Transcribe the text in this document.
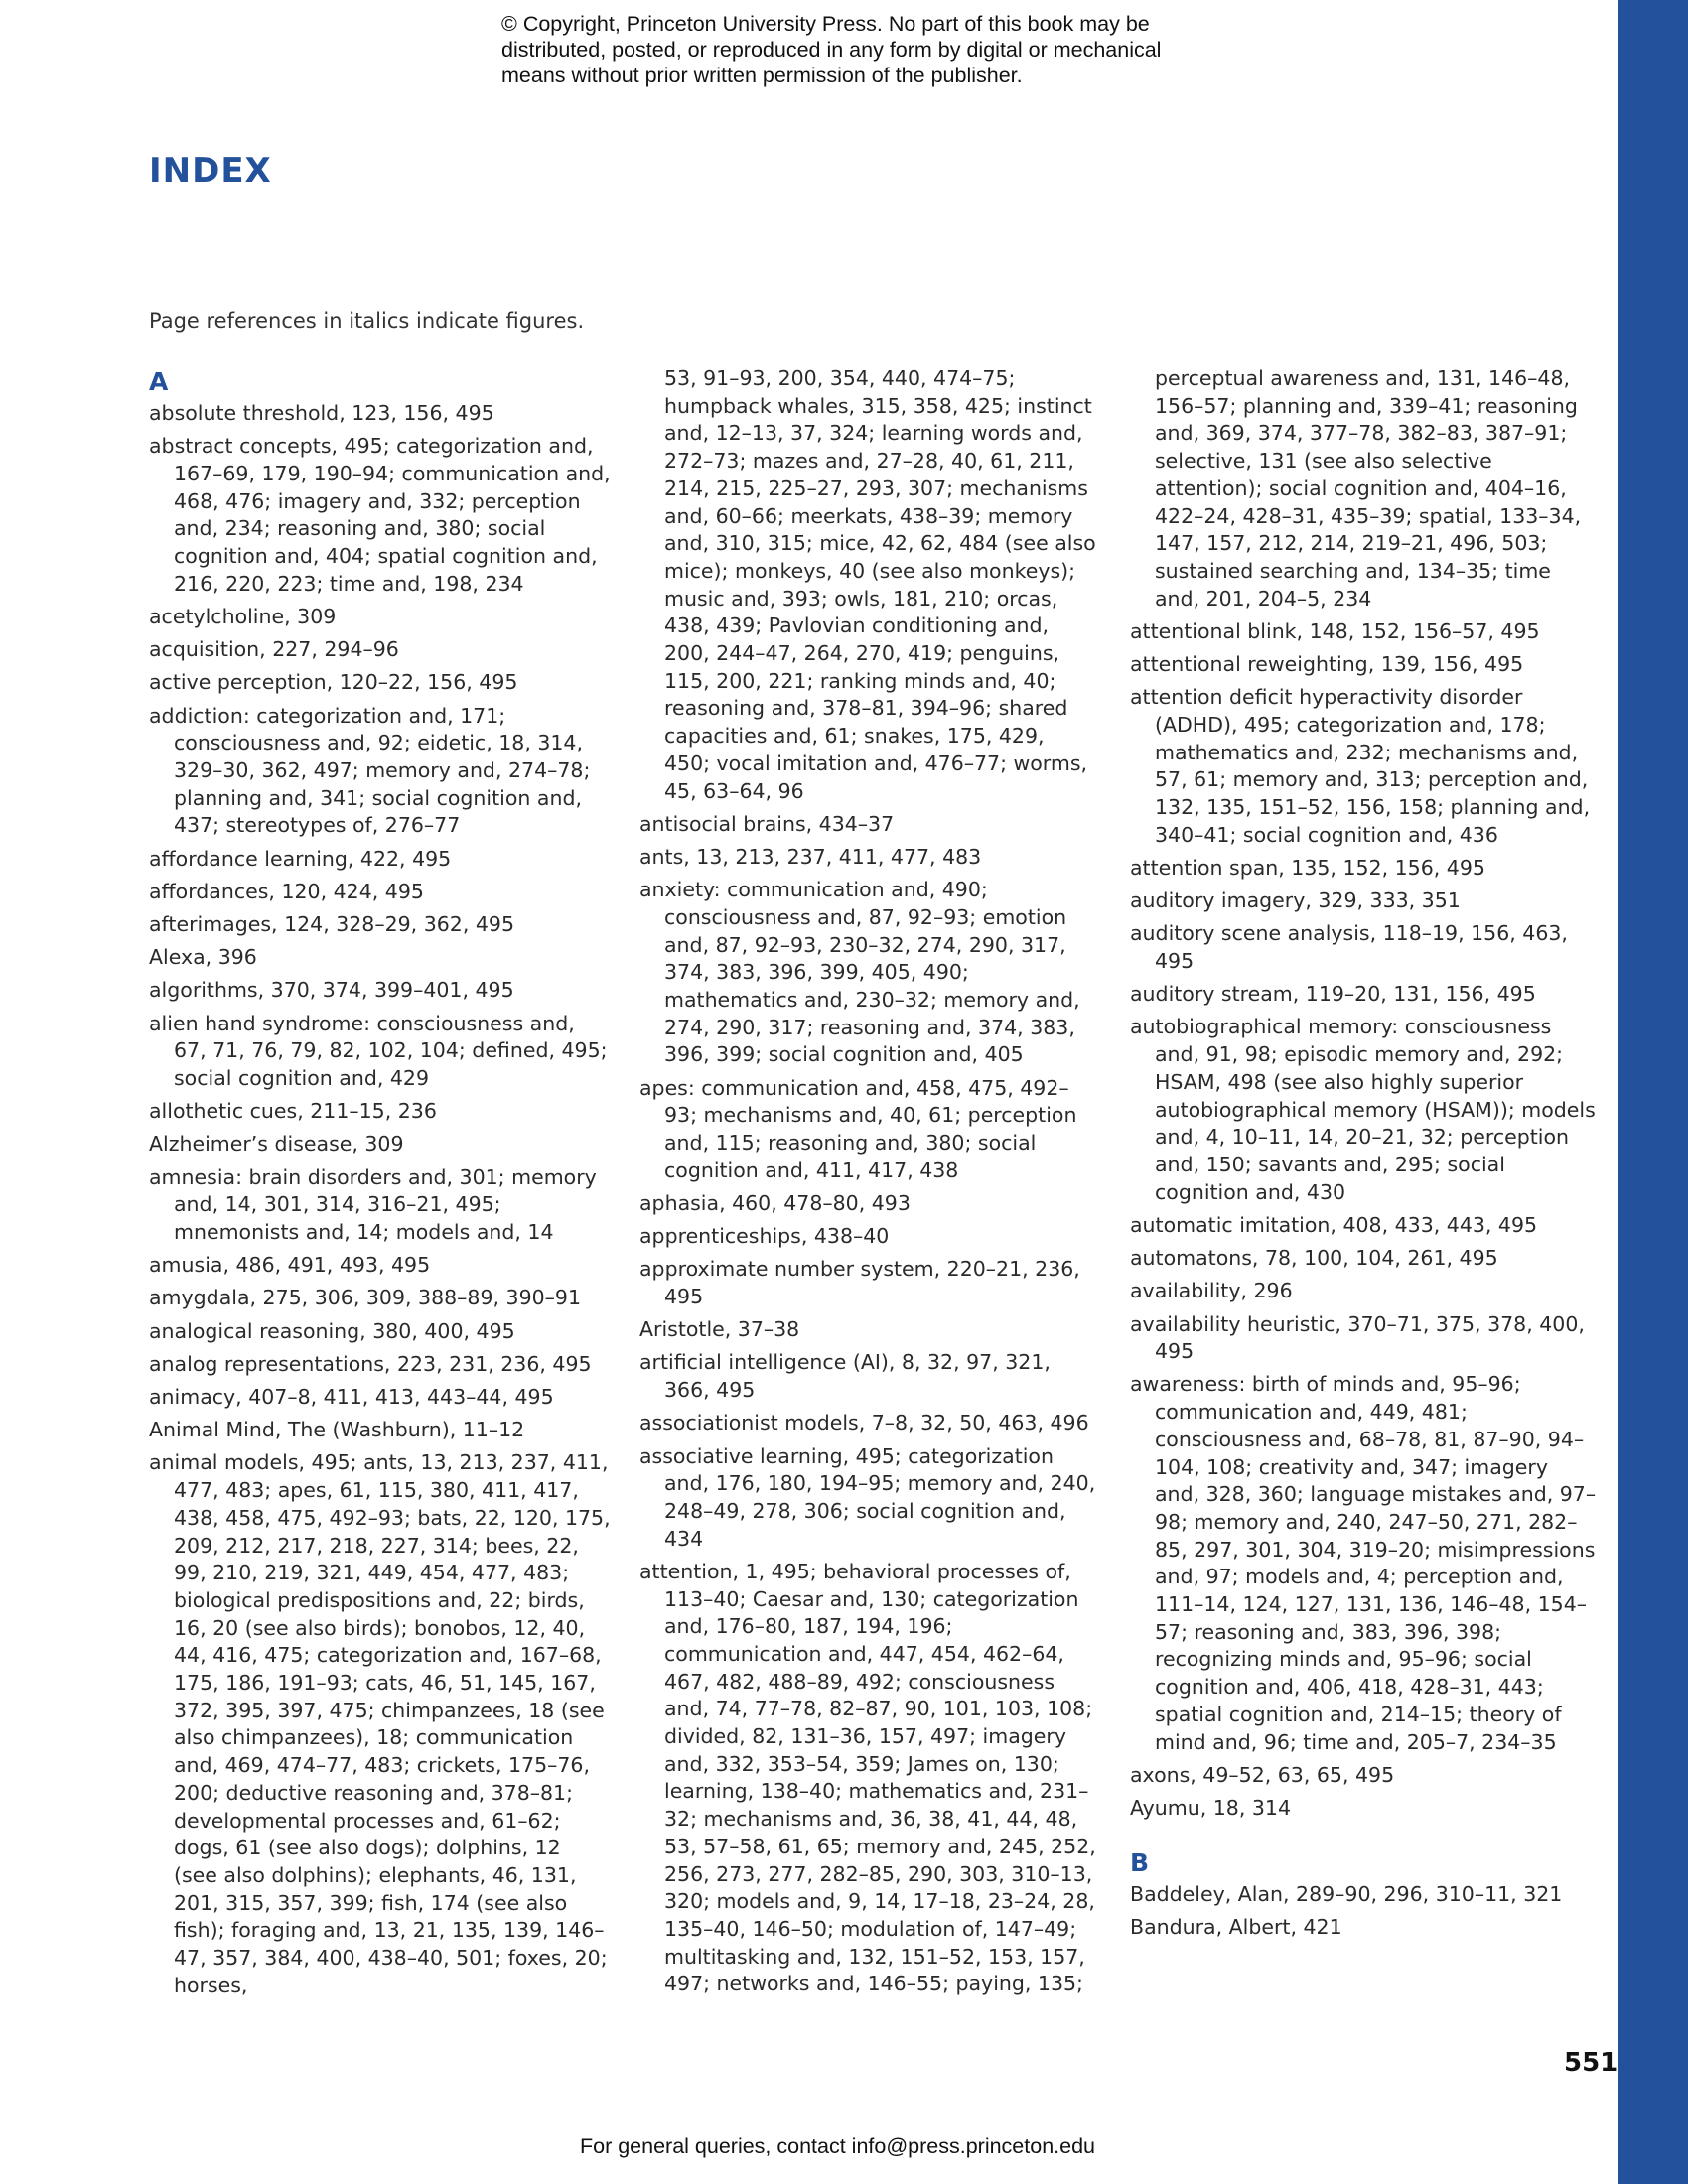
© Copyright, Princeton University Press. No part of this book may be
distributed, posted, or reproduced in any form by digital or mechanical
means without prior written permission of the publisher.
INDEX
Page references in italics indicate figures.
A
absolute threshold, 123, 156, 495
abstract concepts, 495; categorization and, 167–69, 179, 190–94; communication and, 468, 476; imagery and, 332; perception and, 234; reasoning and, 380; social cognition and, 404; spatial cognition and, 216, 220, 223; time and, 198, 234
acetylcholine, 309
acquisition, 227, 294–96
active perception, 120–22, 156, 495
addiction: categorization and, 171; consciousness and, 92; eidetic, 18, 314, 329–30, 362, 497; memory and, 274–78; planning and, 341; social cognition and, 437; stereotypes of, 276–77
affordance learning, 422, 495
affordances, 120, 424, 495
afterimages, 124, 328–29, 362, 495
Alexa, 396
algorithms, 370, 374, 399–401, 495
alien hand syndrome: consciousness and, 67, 71, 76, 79, 82, 102, 104; defined, 495; social cognition and, 429
allothetic cues, 211–15, 236
Alzheimer’s disease, 309
amnesia: brain disorders and, 301; memory and, 14, 301, 314, 316–21, 495; mnemonists and, 14; models and, 14
amusia, 486, 491, 493, 495
amygdala, 275, 306, 309, 388–89, 390–91
analogical reasoning, 380, 400, 495
analog representations, 223, 231, 236, 495
animacy, 407–8, 411, 413, 443–44, 495
Animal Mind, The (Washburn), 11–12
animal models, 495; ants, 13, 213, 237, 411, 477, 483; apes, 61, 115, 380, 411, 417, 438, 458, 475, 492–93; bats, 22, 120, 175, 209, 212, 217, 218, 227, 314; bees, 22, 99, 210, 219, 321, 449, 454, 477, 483; biological predispositions and, 22; birds, 16, 20 (see also birds); bonobos, 12, 40, 44, 416, 475; categorization and, 167–68, 175, 186, 191–93; cats, 46, 51, 145, 167, 372, 395, 397, 475; chimpanzees, 18 (see also chimpanzees), 18; communication and, 469, 474–77, 483; crickets, 175–76, 200; deductive reasoning and, 378–81; developmental processes and, 61–62; dogs, 61 (see also dogs); dolphins, 12 (see also dolphins); elephants, 46, 131, 201, 315, 357, 399; fish, 174 (see also fish); foraging and, 13, 21, 135, 139, 146–47, 357, 384, 400, 438–40, 501; foxes, 20; horses,
53, 91–93, 200, 354, 440, 474–75; humpback whales, 315, 358, 425; instinct and, 12–13, 37, 324; learning words and, 272–73; mazes and, 27–28, 40, 61, 211, 214, 215, 225–27, 293, 307; mechanisms and, 60–66; meerkats, 438–39; memory and, 310, 315; mice, 42, 62, 484 (see also mice); monkeys, 40 (see also monkeys); music and, 393; owls, 181, 210; orcas, 438, 439; Pavlovian conditioning and, 200, 244–47, 264, 270, 419; penguins, 115, 200, 221; ranking minds and, 40; reasoning and, 378–81, 394–96; shared capacities and, 61; snakes, 175, 429, 450; vocal imitation and, 476–77; worms, 45, 63–64, 96
antisocial brains, 434–37
ants, 13, 213, 237, 411, 477, 483
anxiety: communication and, 490; consciousness and, 87, 92–93; emotion and, 87, 92–93, 230–32, 274, 290, 317, 374, 383, 396, 399, 405, 490; mathematics and, 230–32; memory and, 274, 290, 317; reasoning and, 374, 383, 396, 399; social cognition and, 405
apes: communication and, 458, 475, 492–93; mechanisms and, 40, 61; perception and, 115; reasoning and, 380; social cognition and, 411, 417, 438
aphasia, 460, 478–80, 493
apprenticeships, 438–40
approximate number system, 220–21, 236, 495
Aristotle, 37–38
artificial intelligence (AI), 8, 32, 97, 321, 366, 495
associationist models, 7–8, 32, 50, 463, 496
associative learning, 495; categorization and, 176, 180, 194–95; memory and, 240, 248–49, 278, 306; social cognition and, 434
attention, 1, 495; behavioral processes of, 113–40; Caesar and, 130; categorization and, 176–80, 187, 194, 196; communication and, 447, 454, 462–64, 467, 482, 488–89, 492; consciousness and, 74, 77–78, 82–87, 90, 101, 103, 108; divided, 82, 131–36, 157, 497; imagery and, 332, 353–54, 359; James on, 130; learning, 138–40; mathematics and, 231–32; mechanisms and, 36, 38, 41, 44, 48, 53, 57–58, 61, 65; memory and, 245, 252, 256, 273, 277, 282–85, 290, 303, 310–13, 320; models and, 9, 14, 17–18, 23–24, 28, 135–40, 146–50; modulation of, 147–49; multitasking and, 132, 151–52, 153, 157, 497; networks and, 146–55; paying, 135;
perceptual awareness and, 131, 146–48, 156–57; planning and, 339–41; reasoning and, 369, 374, 377–78, 382–83, 387–91; selective, 131 (see also selective attention); social cognition and, 404–16, 422–24, 428–31, 435–39; spatial, 133–34, 147, 157, 212, 214, 219–21, 496, 503; sustained searching and, 134–35; time and, 201, 204–5, 234
attentional blink, 148, 152, 156–57, 495
attentional reweighting, 139, 156, 495
attention deficit hyperactivity disorder (ADHD), 495; categorization and, 178; mathematics and, 232; mechanisms and, 57, 61; memory and, 313; perception and, 132, 135, 151–52, 156, 158; planning and, 340–41; social cognition and, 436
attention span, 135, 152, 156, 495
auditory imagery, 329, 333, 351
auditory scene analysis, 118–19, 156, 463, 495
auditory stream, 119–20, 131, 156, 495
autobiographical memory: consciousness and, 91, 98; episodic memory and, 292; HSAM, 498 (see also highly superior autobiographical memory (HSAM)); models and, 4, 10–11, 14, 20–21, 32; perception and, 150; savants and, 295; social cognition and, 430
automatic imitation, 408, 433, 443, 495
automatons, 78, 100, 104, 261, 495
availability, 296
availability heuristic, 370–71, 375, 378, 400, 495
awareness: birth of minds and, 95–96; communication and, 449, 481; consciousness and, 68–78, 81, 87–90, 94–104, 108; creativity and, 347; imagery and, 328, 360; language mistakes and, 97–98; memory and, 240, 247–50, 271, 282–85, 297, 301, 304, 319–20; misimpressions and, 97; models and, 4; perception and, 111–14, 124, 127, 131, 136, 146–48, 154–57; reasoning and, 383, 396, 398; recognizing minds and, 95–96; social cognition and, 406, 418, 428–31, 443; spatial cognition and, 214–15; theory of mind and, 96; time and, 205–7, 234–35
axons, 49–52, 63, 65, 495
Ayumu, 18, 314
B
Baddeley, Alan, 289–90, 296, 310–11, 321
Bandura, Albert, 421
551
For general queries, contact info@press.princeton.edu
